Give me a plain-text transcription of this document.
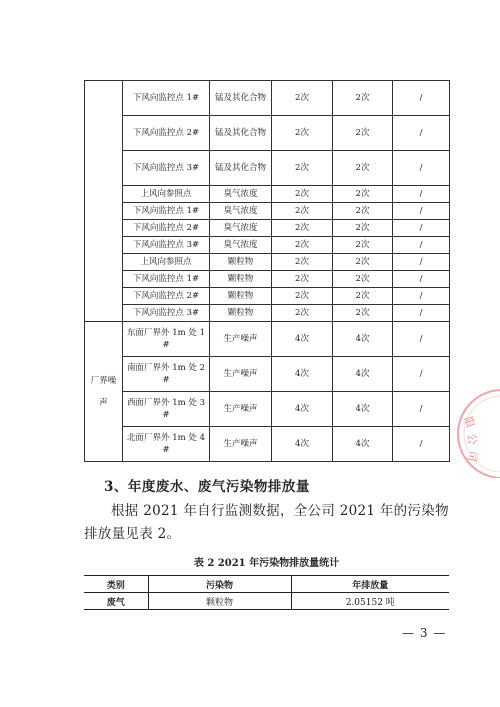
	下风向监控点 1#	锰及其化合物	2次	2次	/
	下风向监控点 2#	锰及其化合物	2次	2次	/
	下风向监控点 3#	锰及其化合物	2次	2次	/
	上风向参照点	臭气浓度	2次	2次	/
	下风向监控点 1#	臭气浓度	2次	2次	/
	下风向监控点 2#	臭气浓度	2次	2次	/
	下风向监控点 3#	臭气浓度	2次	2次	/
	上风向参照点	颗粒物	2次	2次	/
	下风向监控点 1#	颗粒物	2次	2次	/
	下风向监控点 2#	颗粒物	2次	2次	/
	下风向监控点 3#	颗粒物	2次	2次	/
厂界噪声	东面厂界外 1m 处 1#	生产噪声	4次	4次	/
	南面厂界外 1m 处 2#	生产噪声	4次	4次	/
	西面厂界外 1m 处 3#	生产噪声	4次	4次	/
	北面厂界外 1m 处 4#	生产噪声	4次	4次	/
3、年度废水、废气污染物排放量
根据 2021 年自行监测数据，全公司 2021 年的污染物排放量见表 2。
表 2 2021 年污染物排放量统计
类别	污染物	年排放量
废气	颗粒物	2.05152 吨
— 3 —
限
公
司
